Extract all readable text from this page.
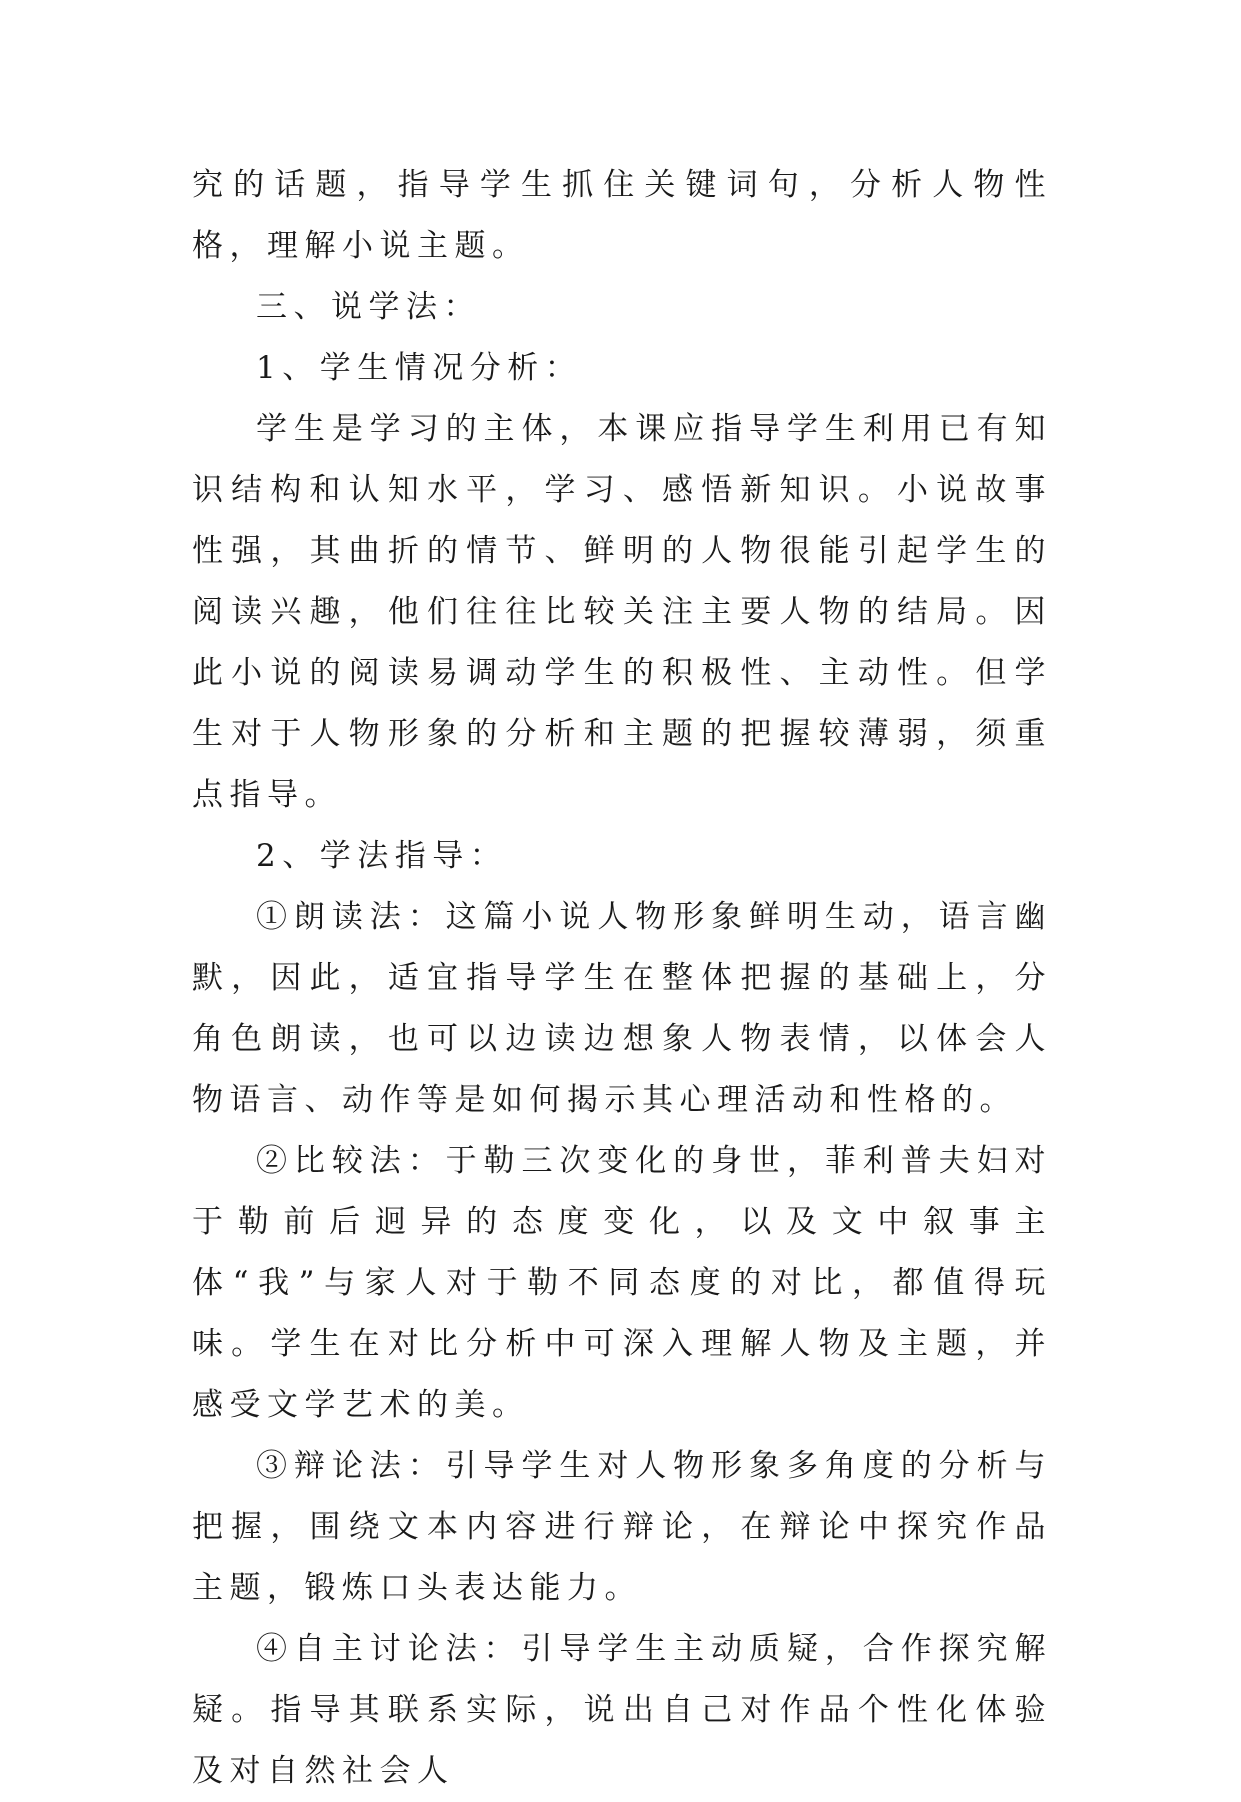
究的话题，指导学生抓住关键词句，分析人物性格，理解小说主题。

三、说学法：

1、学生情况分析：

学生是学习的主体，本课应指导学生利用已有知识结构和认知水平，学习、感悟新知识。小说故事性强，其曲折的情节、鲜明的人物很能引起学生的阅读兴趣，他们往往比较关注主要人物的结局。因此小说的阅读易调动学生的积极性、主动性。但学生对于人物形象的分析和主题的把握较薄弱，须重点指导。

2、学法指导：

①朗读法：这篇小说人物形象鲜明生动，语言幽默，因此，适宜指导学生在整体把握的基础上，分角色朗读，也可以边读边想象人物表情，以体会人物语言、动作等是如何揭示其心理活动和性格的。

②比较法：于勒三次变化的身世，菲利普夫妇对于勒前后迥异的态度变化，以及文中叙事主体“我”与家人对于勒不同态度的对比，都值得玩味。学生在对比分析中可深入理解人物及主题，并感受文学艺术的美。

③辩论法：引导学生对人物形象多角度的分析与把握，围绕文本内容进行辩论，在辩论中探究作品主题，锻炼口头表达能力。

④自主讨论法：引导学生主动质疑，合作探究解疑。指导其联系实际，说出自己对作品个性化体验及对自然社会人
